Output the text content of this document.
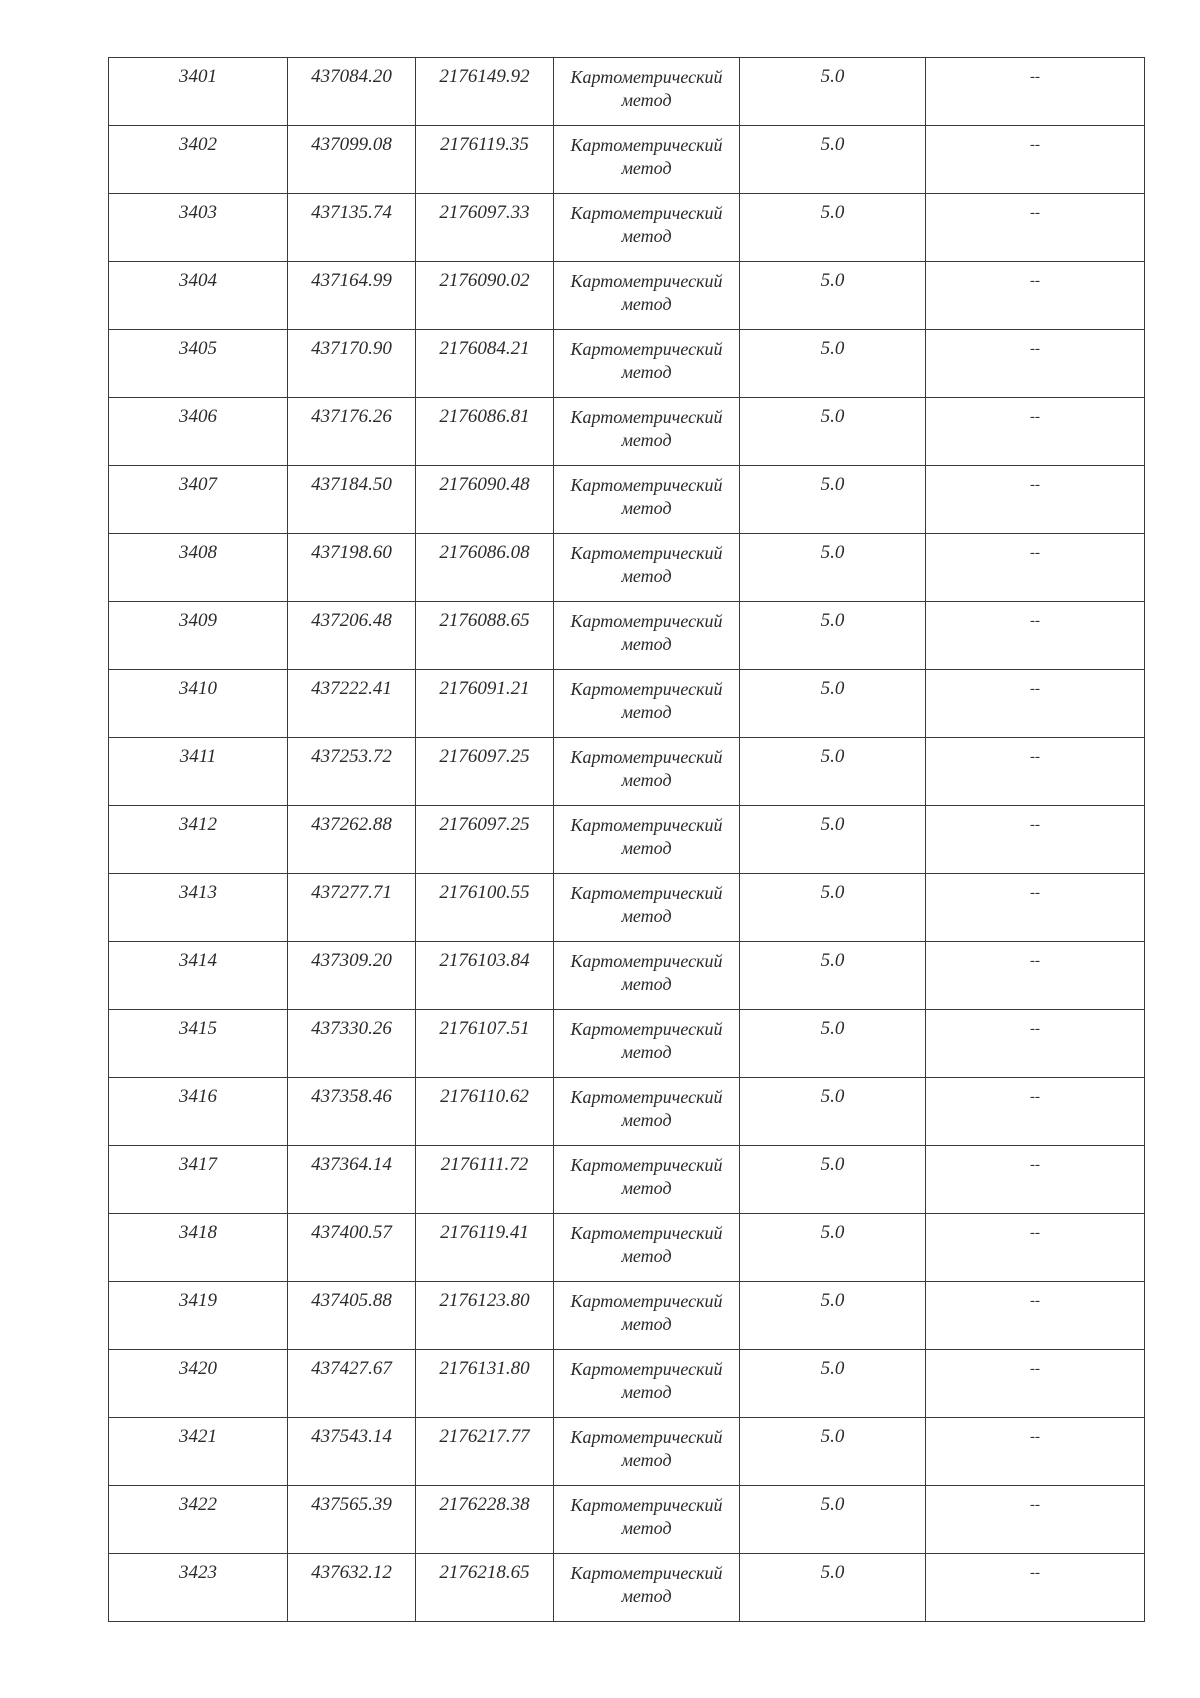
3401	437084.20	2176149.92	Картометрический метод	5.0	--

3402	437099.08	2176119.35	Картометрический метод	5.0	--

3403	437135.74	2176097.33	Картометрический метод	5.0	--

3404	437164.99	2176090.02	Картометрический метод	5.0	--

3405	437170.90	2176084.21	Картометрический метод	5.0	--

3406	437176.26	2176086.81	Картометрический метод	5.0	--

3407	437184.50	2176090.48	Картометрический метод	5.0	--

3408	437198.60	2176086.08	Картометрический метод	5.0	--

3409	437206.48	2176088.65	Картометрический метод	5.0	--

3410	437222.41	2176091.21	Картометрический метод	5.0	--

3411	437253.72	2176097.25	Картометрический метод	5.0	--

3412	437262.88	2176097.25	Картометрический метод	5.0	--

3413	437277.71	2176100.55	Картометрический метод	5.0	--

3414	437309.20	2176103.84	Картометрический метод	5.0	--

3415	437330.26	2176107.51	Картометрический метод	5.0	--

3416	437358.46	2176110.62	Картометрический метод	5.0	--

3417	437364.14	2176111.72	Картометрический метод	5.0	--

3418	437400.57	2176119.41	Картометрический метод	5.0	--

3419	437405.88	2176123.80	Картометрический метод	5.0	--

3420	437427.67	2176131.80	Картометрический метод	5.0	--

3421	437543.14	2176217.77	Картометрический метод	5.0	--

3422	437565.39	2176228.38	Картометрический метод	5.0	--

3423	437632.12	2176218.65	Картометрический метод	5.0	--
